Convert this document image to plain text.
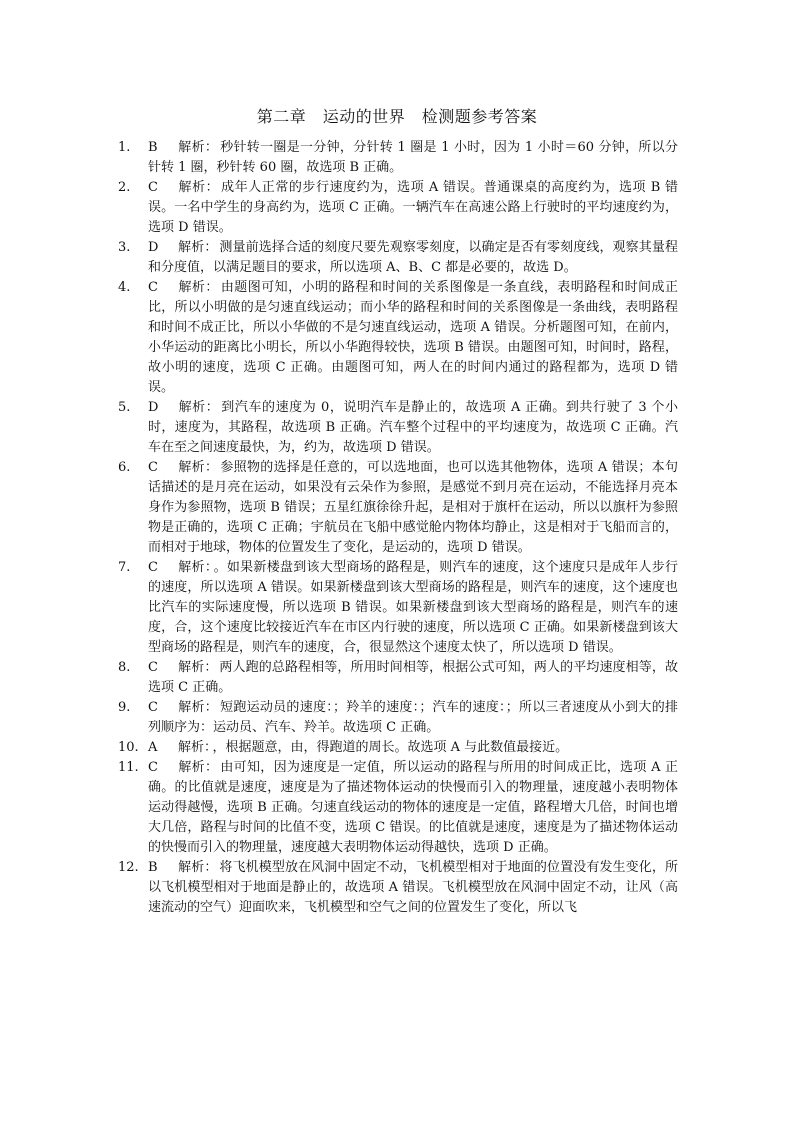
第二章　运动的世界　检测题参考答案
1.	B 解析： 秒针转一圈是一分钟，分针转 1 圈是 1 小时，因为 1 小时＝60 分钟，所以分针转 1 圈，秒针转 60 圈，故选项 B 正确。
2.	C 解析： 成年人正常的步行速度约为，选项 A 错误。普通课桌的高度约为，选项 B 错误。一名中学生的身高约为，选项 C 正确。一辆汽车在高速公路上行驶时的平均速度约为，选项 D 错误。
3.	D 解析： 测量前选择合适的刻度尺要先观察零刻度，以确定是否有零刻度线，观察其量程和分度值，以满足题目的要求，所以选项 A、B、C 都是必要的，故选 D。
4.	C 解析： 由题图可知，小明的路程和时间的关系图像是一条直线，表明路程和时间成正比，所以小明做的是匀速直线运动；而小华的路程和时间的关系图像是一条曲线，表明路程和时间不成正比，所以小华做的不是匀速直线运动，选项 A 错误。分析题图可知，在前内，小华运动的距离比小明长，所以小华跑得较快，选项 B 错误。由题图可知，时间时，路程，故小明的速度，选项 C 正确。由题图可知，两人在的时间内通过的路程都为，选项 D 错误。
5.	D 解析： 到汽车的速度为 0，说明汽车是静止的，故选项 A 正确。到共行驶了 3 个小时，速度为，其路程，故选项 B 正确。汽车整个过程中的平均速度为，故选项 C 正确。汽车在至之间速度最快，为，约为，故选项 D 错误。
6.	C 解析： 参照物的选择是任意的，可以选地面，也可以选其他物体，选项 A 错误；本句话描述的是月亮在运动，如果没有云朵作为参照，是感觉不到月亮在运动，不能选择月亮本身作为参照物，选项 B 错误；五星红旗徐徐升起，是相对于旗杆在运动，所以以旗杆为参照物是正确的，选项 C 正确；宇航员在飞船中感觉舱内物体均静止，这是相对于飞船而言的，而相对于地球，物体的位置发生了变化，是运动的，选项 D 错误。
7.	C 解析： 。如果新楼盘到该大型商场的路程是，则汽车的速度，这个速度只是成年人步行的速度，所以选项 A 错误。如果新楼盘到该大型商场的路程是，则汽车的速度，这个速度也比汽车的实际速度慢，所以选项 B 错误。如果新楼盘到该大型商场的路程是，则汽车的速度，合，这个速度比较接近汽车在市区内行驶的速度，所以选项 C 正确。如果新楼盘到该大型商场的路程是，则汽车的速度，合，很显然这个速度太快了，所以选项 D 错误。
8.	C 解析： 两人跑的总路程相等，所用时间相等，根据公式可知，两人的平均速度相等，故选项 C 正确。
9.	C 解析： 短跑运动员的速度：；羚羊的速度：；汽车的速度：；所以三者速度从小到大的排列顺序为：运动员、汽车、羚羊。故选项 C 正确。
10. A 解析： ，根据题意，由，得跑道的周长。故选项 A 与此数值最接近。
11. C 解析： 由可知，因为速度是一定值，所以运动的路程与所用的时间成正比，选项 A 正确。的比值就是速度，速度是为了描述物体运动的快慢而引入的物理量，速度越小表明物体运动得越慢，选项 B 正确。匀速直线运动的物体的速度是一定值，路程增大几倍，时间也增大几倍，路程与时间的比值不变，选项 C 错误。的比值就是速度，速度是为了描述物体运动的快慢而引入的物理量，速度越大表明物体运动得越快，选项 D 正确。
12. B 解析： 将飞机模型放在风洞中固定不动，飞机模型相对于地面的位置没有发生变化，所以飞机模型相对于地面是静止的，故选项 A 错误。飞机模型放在风洞中固定不动，让风（高速流动的空气）迎面吹来，飞机模型和空气之间的位置发生了变化，所以飞
